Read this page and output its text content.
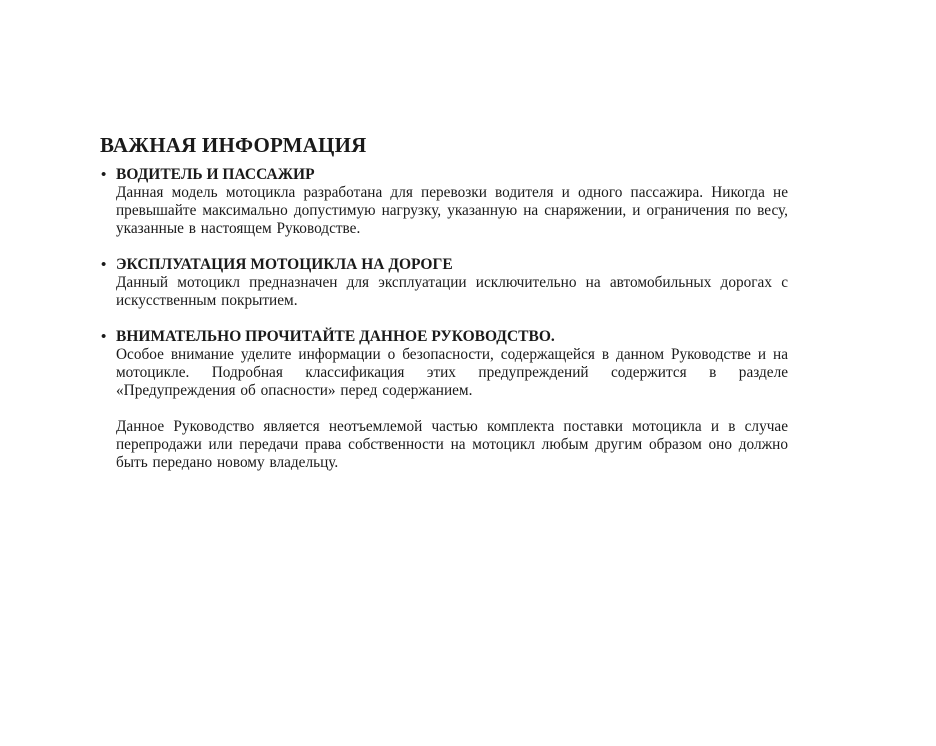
ВАЖНАЯ ИНФОРМАЦИЯ
• ВОДИТЕЛЬ И ПАССАЖИР

Данная модель мотоцикла разработана для перевозки водителя и одного пассажира. Никогда не превышайте максимально допустимую нагрузку, указанную на снаряжении, и ограничения по весу, указанные в настоящем Руководстве.

• ЭКСПЛУАТАЦИЯ МОТОЦИКЛА НА ДОРОГЕ

Данный мотоцикл предназначен для эксплуатации исключительно на автомобильных дорогах с искусственным покрытием.

• ВНИМАТЕЛЬНО ПРОЧИТАЙТЕ ДАННОЕ РУКОВОДСТВО.

Особое внимание уделите информации о безопасности, содержащейся в данном Руководстве и на мотоцикле. Подробная классификация этих предупреждений содержится в разделе «Предупреждения об опасности» перед содержанием.

Данное Руководство является неотъемлемой частью комплекта поставки мотоцикла и в случае перепродажи или передачи права собственности на мотоцикл любым другим образом оно должно быть передано новому владельцу.
